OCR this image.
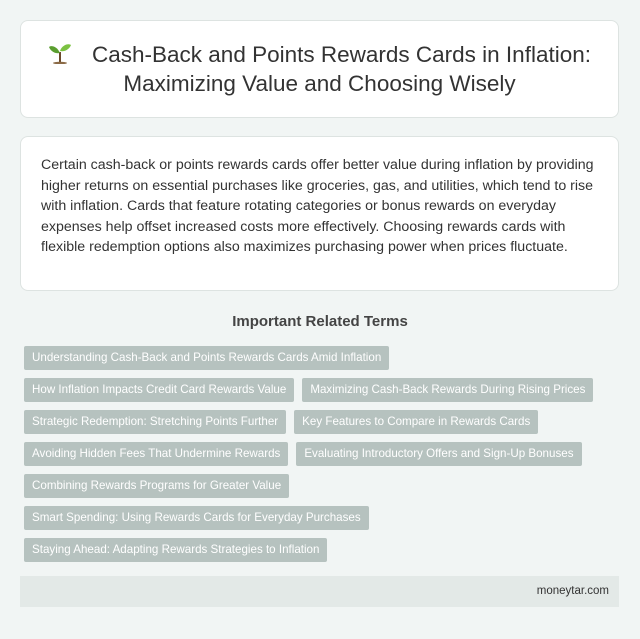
Cash-Back and Points Rewards Cards in Inflation: Maximizing Value and Choosing Wisely

Certain cash-back or points rewards cards offer better value during inflation by providing higher returns on essential purchases like groceries, gas, and utilities, which tend to rise with inflation. Cards that feature rotating categories or bonus rewards on everyday expenses help offset increased costs more effectively. Choosing rewards cards with flexible redemption options also maximizes purchasing power when prices fluctuate.

Important Related Terms
Understanding Cash-Back and Points Rewards Cards Amid Inflation
How Inflation Impacts Credit Card Rewards Value	Maximizing Cash-Back Rewards During Rising Prices
Strategic Redemption: Stretching Points Further	Key Features to Compare in Rewards Cards
Avoiding Hidden Fees That Undermine Rewards	Evaluating Introductory Offers and Sign-Up Bonuses
Combining Rewards Programs for Greater Value
Smart Spending: Using Rewards Cards for Everyday Purchases
Staying Ahead: Adapting Rewards Strategies to Inflation
moneytar.com
